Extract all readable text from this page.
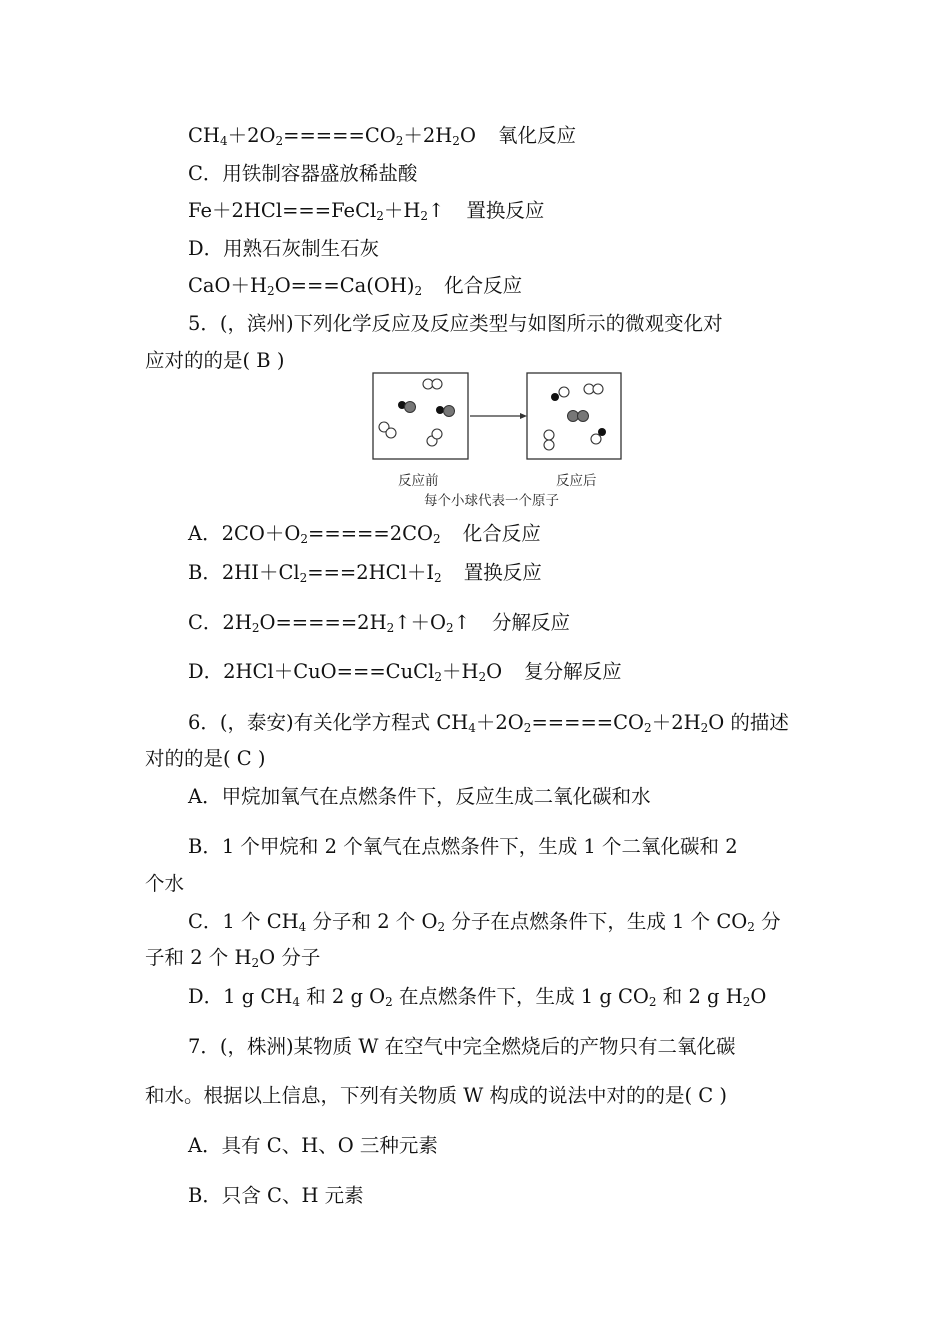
$CH_4+2O_2=====CO_2+2H_2O$ 氧化反应
C．用铁制容器盛放稀盐酸
$Fe+2HCl===FeCl_2+H_2↑$ 置换反应
D．用熟石灰制生石灰
$CaO+H_2O===Ca(OH)_2$ 化合反应
5．(，滨州)下列化学反应及反应类型与如图所示的微观变化对
应对的的是( B )
反应前	反应后
每个小球代表一个原子
A．$2CO+O_2=====2CO_2$ 化合反应
B．$2HI+Cl_2===2HCl+I_2$ 置换反应
C．$2H_2O=====2H_2↑+O_2↑$ 分解反应
D．$2HCl+CuO===CuCl_2+H_2O$ 复分解反应
6．(，泰安)有关化学方程式 $CH_4+2O_2=====CO_2+2H_2O$ 的描述
对的的是( C )
A．甲烷加氧气在点燃条件下，反应生成二氧化碳和水
B．1 个甲烷和 2 个氧气在点燃条件下，生成 1 个二氧化碳和 2
个水
C．1 个 $CH_4$ 分子和 2 个 $O_2$ 分子在点燃条件下，生成 1 个 $CO_2$ 分
子和 2 个 $H_2O$ 分子
D．1 g $CH_4$ 和 2 g $O_2$ 在点燃条件下，生成 1 g $CO_2$ 和 2 g $H_2O$
7．(，株洲)某物质 W 在空气中完全燃烧后的产物只有二氧化碳
和水。根据以上信息，下列有关物质 W 构成的说法中对的的是( C )
A．具有 C、H、O 三种元素
B．只含 C、H 元素
